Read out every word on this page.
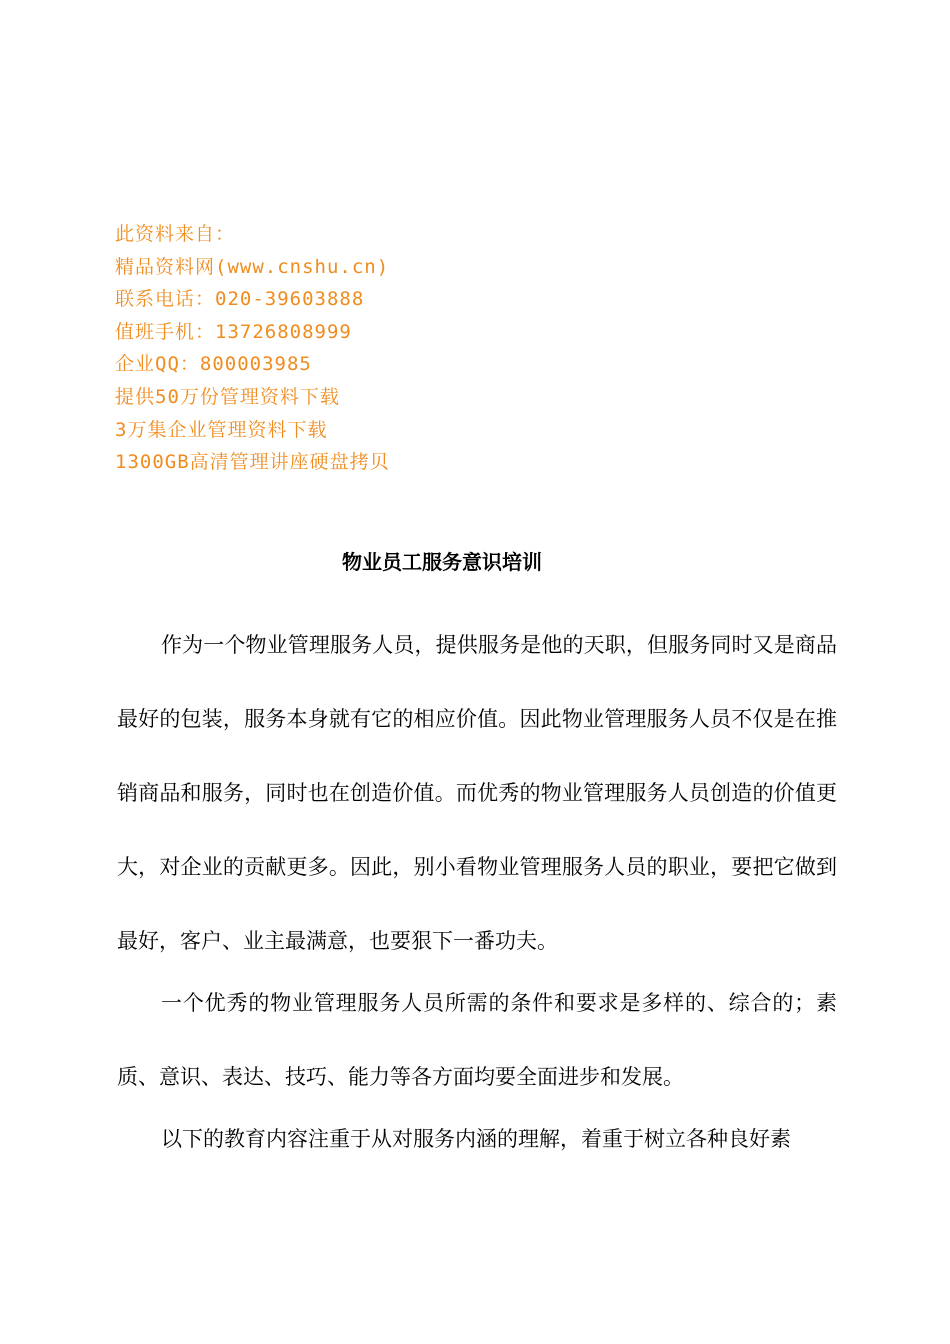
此资料来自：
精品资料网(www.cnshu.cn)
联系电话：020-39603888
值班手机：13726808999
企业QQ：800003985
提供50万份管理资料下载
3万集企业管理资料下载
1300GB高清管理讲座硬盘拷贝
物业员工服务意识培训

作为一个物业管理服务人员，提供服务是他的天职，但服务同时又是商品最好的包装，服务本身就有它的相应价值。因此物业管理服务人员不仅是在推销商品和服务，同时也在创造价值。而优秀的物业管理服务人员创造的价值更大，对企业的贡献更多。因此，别小看物业管理服务人员的职业，要把它做到最好，客户、业主最满意，也要狠下一番功夫。

一个优秀的物业管理服务人员所需的条件和要求是多样的、综合的；素质、意识、表达、技巧、能力等各方面均要全面进步和发展。

以下的教育内容注重于从对服务内涵的理解，着重于树立各种良好素
